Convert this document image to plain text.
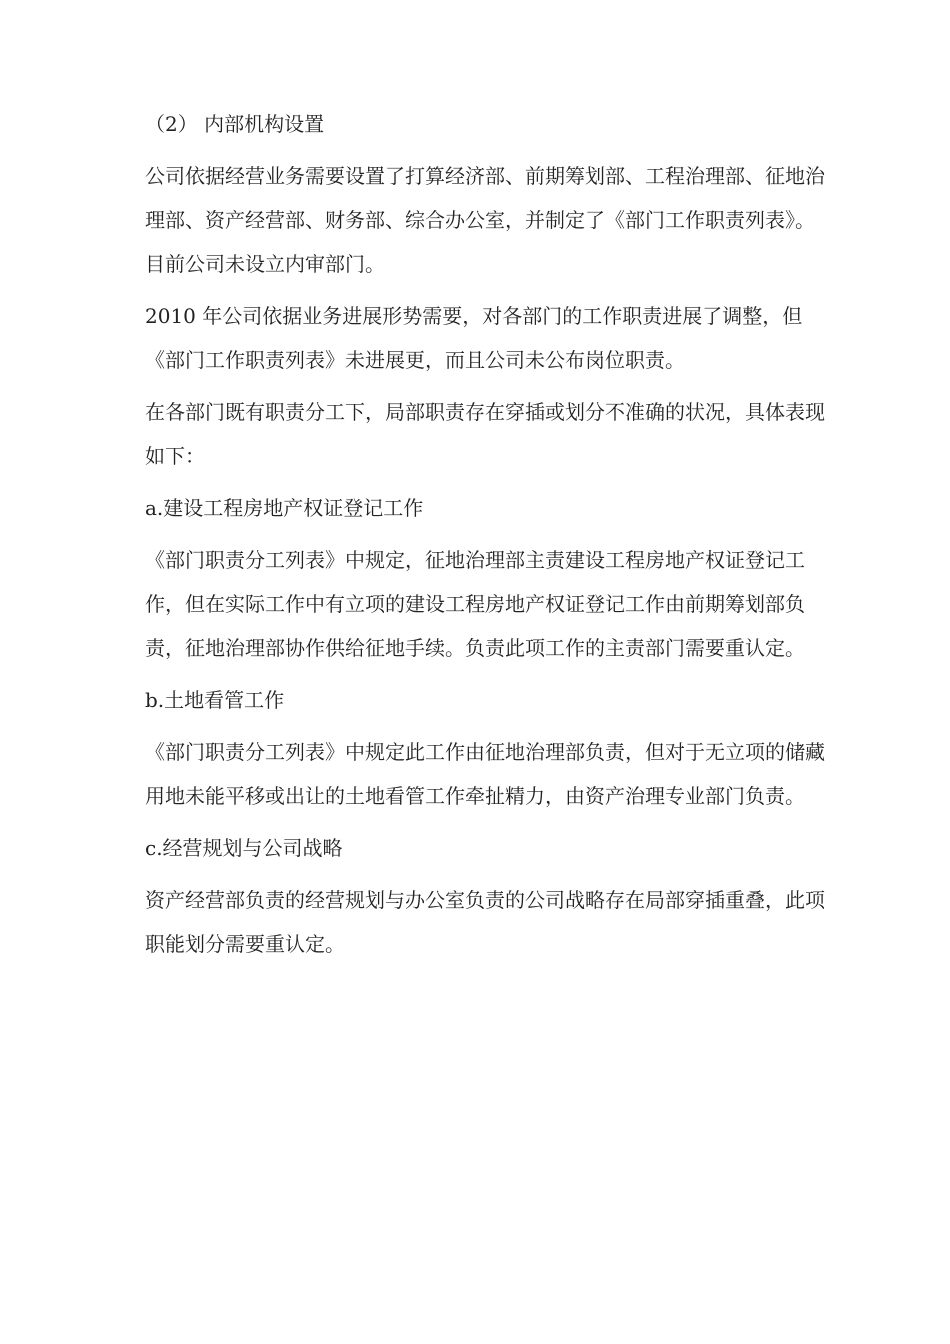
（2） 内部机构设置

公司依据经营业务需要设置了打算经济部、前期筹划部、工程治理部、征地治理部、资产经营部、财务部、综合办公室，并制定了《部门工作职责列表》。目前公司未设立内审部门。

2010 年公司依据业务进展形势需要，对各部门的工作职责进展了调整，但《部门工作职责列表》未进展更，而且公司未公布岗位职责。

在各部门既有职责分工下，局部职责存在穿插或划分不准确的状况，具体表现如下：

a.建设工程房地产权证登记工作

《部门职责分工列表》中规定，征地治理部主责建设工程房地产权证登记工作，但在实际工作中有立项的建设工程房地产权证登记工作由前期筹划部负责，征地治理部协作供给征地手续。负责此项工作的主责部门需要重认定。

b.土地看管工作

《部门职责分工列表》中规定此工作由征地治理部负责，但对于无立项的储藏用地未能平移或出让的土地看管工作牵扯精力，由资产治理专业部门负责。

c.经营规划与公司战略

资产经营部负责的经营规划与办公室负责的公司战略存在局部穿插重叠，此项职能划分需要重认定。
